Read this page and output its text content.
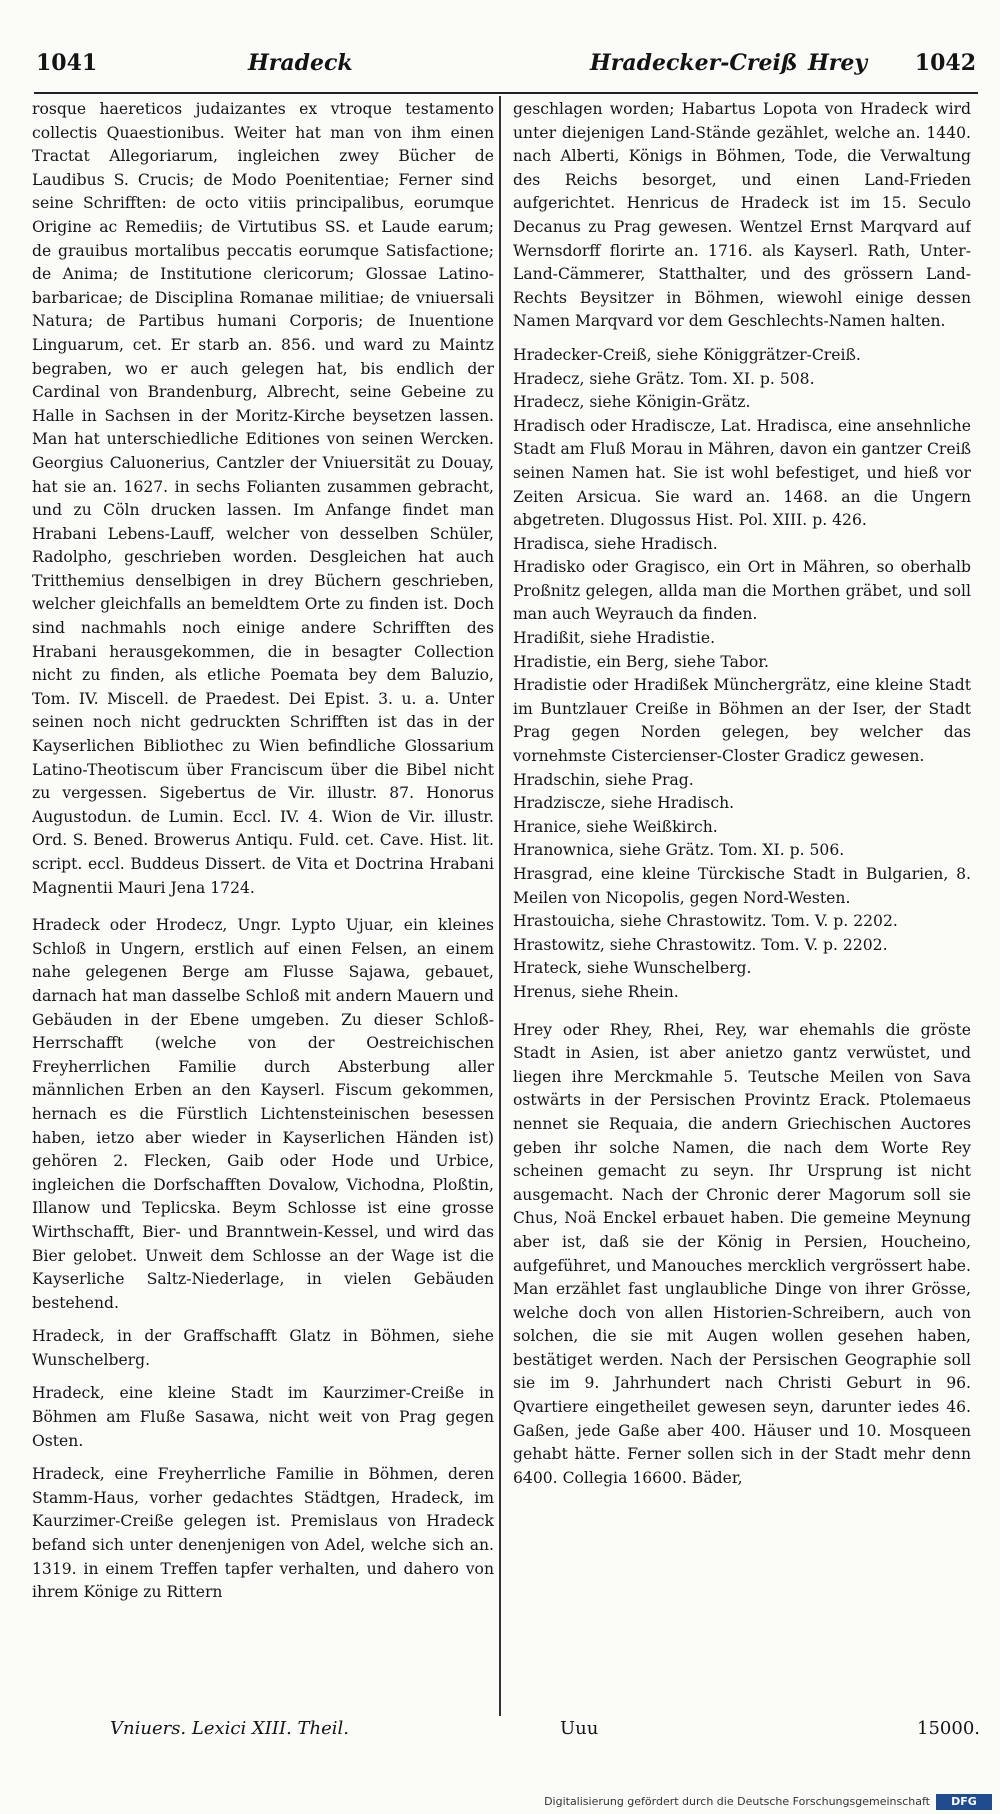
1041	Hradeck	Hradecker-Creiß Hrey 1042

rosque haereticos judaizantes ex vtroque testamento collectis Quaestionibus. Weiter hat man von ihm einen Tractat Allegoriarum, ingleichen zwey Bücher de Laudibus S. Crucis; de Modo Poenitentiae; Ferner sind seine Schrifften: de octo vitiis principalibus, eorumque Origine ac Remediis; de Virtutibus SS. et Laude earum; de grauibus mortalibus peccatis eorumque Satisfactione; de Anima; de Institutione clericorum; Glossae Latino-barbaricae; de Disciplina Romanae militiae; de vniuersali Natura; de Partibus humani Corporis; de Inuentione Linguarum, cet. Er starb an. 856. und ward zu Maintz begraben, wo er auch gelegen hat, bis endlich der Cardinal von Brandenburg, Albrecht, seine Gebeine zu Halle in Sachsen in der Moritz-Kirche beysetzen lassen. Man hat unterschiedliche Editiones von seinen Wercken. Georgius Caluonerius, Cantzler der Vniuersität zu Douay, hat sie an. 1627. in sechs Folianten zusammen gebracht, und zu Cöln drucken lassen. Im Anfange findet man Hrabani Lebens-Lauff, welcher von desselben Schüler, Radolpho, geschrieben worden. Desgleichen hat auch Tritthemius denselbigen in drey Büchern geschrieben, welcher gleichfalls an bemeldtem Orte zu finden ist. Doch sind nachmahls noch einige andere Schrifften des Hrabani herausgekommen, die in besagter Collection nicht zu finden, als etliche Poemata bey dem Baluzio, Tom. IV. Miscell. de Praedest. Dei Epist. 3. u. a. Unter seinen noch nicht gedruckten Schrifften ist das in der Kayserlichen Bibliothec zu Wien befindliche Glossarium Latino-Theotiscum über Franciscum über die Bibel nicht zu vergessen. Sigebertus de Vir. illustr. 87. Honorus Augustodun. de Lumin. Eccl. IV. 4. Wion de Vir. illustr. Ord. S. Bened. Browerus Antiqu. Fuld. cet. Cave. Hist. lit. script. eccl. Buddeus Dissert. de Vita et Doctrina Hrabani Magnentii Mauri Jena 1724.

Hradeck oder Hrodecz, Ungr. Lypto Ujuar, ein kleines Schloß in Ungern, erstlich auf einen Felsen, an einem nahe gelegenen Berge am Flusse Sajawa, gebauet, darnach hat man dasselbe Schloß mit andern Mauern und Gebäuden in der Ebene umgeben. Zu dieser Schloß-Herrschafft (welche von der Oestreichischen Freyherrlichen Familie durch Absterbung aller männlichen Erben an den Kayserl. Fiscum gekommen, hernach es die Fürstlich Lichtensteinischen besessen haben, ietzo aber wieder in Kayserlichen Händen ist) gehören 2. Flecken, Gaib oder Hode und Urbice, ingleichen die Dorfschafften Dovalow, Vichodna, Ploßtin, Illanow und Teplicska. Beym Schlosse ist eine grosse Wirthschafft, Bier- und Branntwein-Kessel, und wird das Bier gelobet. Unweit dem Schlosse an der Wage ist die Kayserliche Saltz-Niederlage, in vielen Gebäuden bestehend.

Hradeck, in der Graffschafft Glatz in Böhmen, siehe Wunschelberg.

Hradeck, eine kleine Stadt im Kaurzimer-Creiße in Böhmen am Fluße Sasawa, nicht weit von Prag gegen Osten.

Hradeck, eine Freyherrliche Familie in Böhmen, deren Stamm-Haus, vorher gedachtes Städtgen, Hradeck, im Kaurzimer-Creiße gelegen ist. Premislaus von Hradeck befand sich unter denenjenigen von Adel, welche sich an. 1319. in einem Treffen tapfer verhalten, und dahero von ihrem Könige zu Rittern

geschlagen worden; Habartus Lopota von Hradeck wird unter diejenigen Land-Stände gezählet, welche an. 1440. nach Alberti, Königs in Böhmen, Tode, die Verwaltung des Reichs besorget, und einen Land-Frieden aufgerichtet. Henricus de Hradeck ist im 15. Seculo Decanus zu Prag gewesen. Wentzel Ernst Marqvard auf Wernsdorff florirte an. 1716. als Kayserl. Rath, Unter-Land-Cämmerer, Statthalter, und des grössern Land-Rechts Beysitzer in Böhmen, wiewohl einige dessen Namen Marqvard vor dem Geschlechts-Namen halten.

Hradecker-Creiß, siehe Königgrätzer-Creiß.

Hradecz, siehe Grätz. Tom. XI. p. 508.

Hradecz, siehe Königin-Grätz.

Hradisch oder Hradiscze, Lat. Hradisca, eine ansehnliche Stadt am Fluß Morau in Mähren, davon ein gantzer Creiß seinen Namen hat. Sie ist wohl befestiget, und hieß vor Zeiten Arsicua. Sie ward an. 1468. an die Ungern abgetreten. Dlugossus Hist. Pol. XIII. p. 426.

Hradisca, siehe Hradisch.

Hradisko oder Gragisco, ein Ort in Mähren, so oberhalb Proßnitz gelegen, allda man die Morthen gräbet, und soll man auch Weyrauch da finden.

Hradißit, siehe Hradistie.

Hradistie, ein Berg, siehe Tabor.

Hradistie oder Hradißek Münchergrätz, eine kleine Stadt im Buntzlauer Creiße in Böhmen an der Iser, der Stadt Prag gegen Norden gelegen, bey welcher das vornehmste Cistercienser-Closter Gradicz gewesen.

Hradschin, siehe Prag.

Hradziscze, siehe Hradisch.

Hranice, siehe Weißkirch.

Hranownica, siehe Grätz. Tom. XI. p. 506.

Hrasgrad, eine kleine Türckische Stadt in Bulgarien, 8. Meilen von Nicopolis, gegen Nord-Westen.

Hrastouicha, siehe Chrastowitz. Tom. V. p. 2202.

Hrastowitz, siehe Chrastowitz. Tom. V. p. 2202.

Hrateck, siehe Wunschelberg.

Hrenus, siehe Rhein.

Hrey oder Rhey, Rhei, Rey, war ehemahls die gröste Stadt in Asien, ist aber anietzo gantz verwüstet, und liegen ihre Merckmahle 5. Teutsche Meilen von Sava ostwärts in der Persischen Provintz Erack. Ptolemaeus nennet sie Requaia, die andern Griechischen Auctores geben ihr solche Namen, die nach dem Worte Rey scheinen gemacht zu seyn. Ihr Ursprung ist nicht ausgemacht. Nach der Chronic derer Magorum soll sie Chus, Noä Enckel erbauet haben. Die gemeine Meynung aber ist, daß sie der König in Persien, Houcheino, aufgeführet, und Manouches mercklich vergrössert habe. Man erzählet fast unglaubliche Dinge von ihrer Grösse, welche doch von allen Historien-Schreibern, auch von solchen, die sie mit Augen wollen gesehen haben, bestätiget werden. Nach der Persischen Geographie soll sie im 9. Jahrhundert nach Christi Geburt in 96. Qvartiere eingetheilet gewesen seyn, darunter iedes 46. Gaßen, jede Gaße aber 400. Häuser und 10. Mosqueen gehabt hätte. Ferner sollen sich in der Stadt mehr denn 6400. Collegia 16600. Bäder,

Vniuers. Lexici XIII. Theil.	Uuu	15000.
Digitalisierung gefördert durch die Deutsche Forschungsgemeinschaft	DFG
